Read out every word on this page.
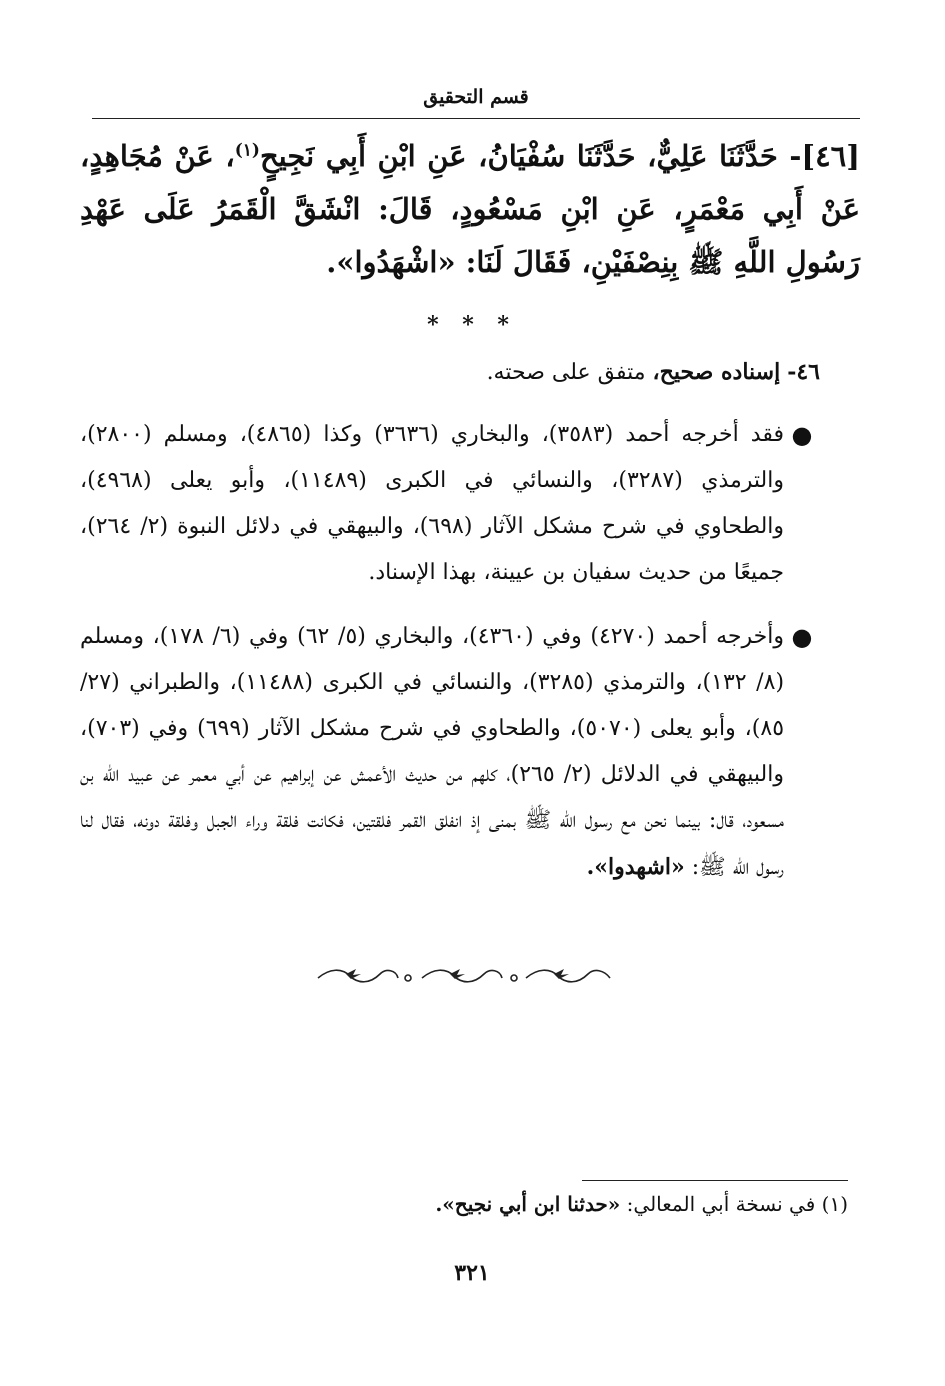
قسم التحقيق
[٤٦]- حَدَّثَنَا عَلِيٌّ، حَدَّثَنَا سُفْيَانُ، عَنِ ابْنِ أَبِي نَجِيحٍ$^{(١)}$، عَنْ مُجَاهِدٍ، عَنْ أَبِي مَعْمَرٍ، عَنِ ابْنِ مَسْعُودٍ، قَالَ: انْشَقَّ الْقَمَرُ عَلَى عَهْدِ رَسُولِ اللَّهِ ﷺ بِنِصْفَيْنِ، فَقَالَ لَنَا: «اشْهَدُوا».
* * *
٤٦- إسناده صحيح، متفق على صحته.
●
فقد أخرجه أحمد (٣٥٨٣)، والبخاري (٣٦٣٦) وكذا (٤٨٦٥)، ومسلم (٢٨٠٠)، والترمذي (٣٢٨٧)، والنسائي في الكبرى (١١٤٨٩)، وأبو يعلى (٤٩٦٨)، والطحاوي في شرح مشكل الآثار (٦٩٨)، والبيهقي في دلائل النبوة (٢/ ٢٦٤)، جميعًا من حديث سفيان بن عيينة، بهذا الإسناد.
●
وأخرجه أحمد (٤٢٧٠) وفي (٤٣٦٠)، والبخاري (٥/ ٦٢) وفي (٦/ ١٧٨)، ومسلم (٨/ ١٣٢)، والترمذي (٣٢٨٥)، والنسائي في الكبرى (١١٤٨٨)، والطبراني (٢٧/ ٨٥)، وأبو يعلى (٥٠٧٠)، والطحاوي في شرح مشكل الآثار (٦٩٩) وفي (٧٠٣)، والبيهقي في الدلائل (٢/ ٢٦٥)، كلهم من حديث الأعمش عن إبراهيم عن أبي معمر عن عبيد الله بن مسعود، قال: بينما نحن مع رسول الله ﷺ بمنى إذ انفلق القمر فلقتين، فكانت فلقة وراء الجبل وفلقة دونه، فقال لنا رسول الله ﷺ: «اشهدوا».
(١) في نسخة أبي المعالي: «حدثنا ابن أبي نجيح».
٣٢١
